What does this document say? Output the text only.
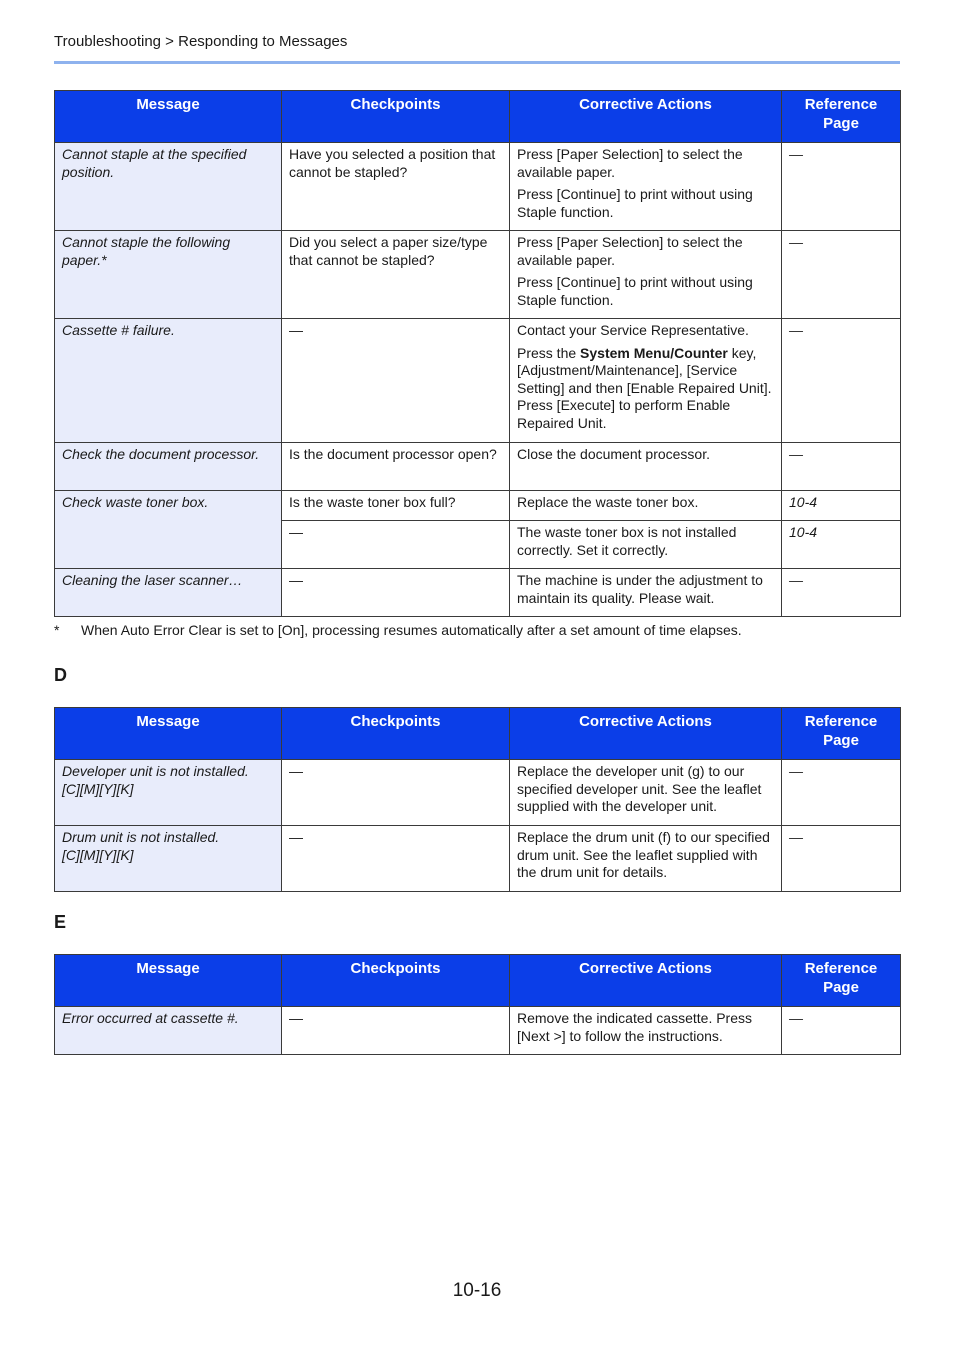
Troubleshooting > Responding to Messages
Message	Checkpoints	Corrective Actions	Reference
Page
Cannot staple at the specified position.	Have you selected a position that cannot be stapled?	Press [Paper Selection] to select the available paper.

Press [Continue] to print without using Staple function.	—
Cannot staple the following paper.*	Did you select a paper size/type that cannot be stapled?	Press [Paper Selection] to select the available paper.

Press [Continue] to print without using Staple function.	—
Cassette # failure.	—	Contact your Service Representative.

Press the System Menu/Counter key, [Adjustment/Maintenance], [Service Setting] and then [Enable Repaired Unit]. Press [Execute] to perform Enable Repaired Unit.	—
Check the document processor.	Is the document processor open?	Close the document processor.	—
Check waste toner box.	Is the waste toner box full?	Replace the waste toner box.	10-4
	—	The waste toner box is not installed correctly. Set it correctly.	10-4
Cleaning the laser scanner…	—	The machine is under the adjustment to maintain its quality. Please wait.	—
* When Auto Error Clear is set to [On], processing resumes automatically after a set amount of time elapses.
D
Message	Checkpoints	Corrective Actions	Reference
Page
Developer unit is not installed.
[C][M][Y][K]	—	Replace the developer unit (g) to our specified developer unit. See the leaflet supplied with the developer unit.	—
Drum unit is not installed.
[C][M][Y][K]	—	Replace the drum unit (f) to our specified drum unit. See the leaflet supplied with the drum unit for details.	—
E
Message	Checkpoints	Corrective Actions	Reference
Page
Error occurred at cassette #.	—	Remove the indicated cassette. Press [Next >] to follow the instructions.	—
10-16
